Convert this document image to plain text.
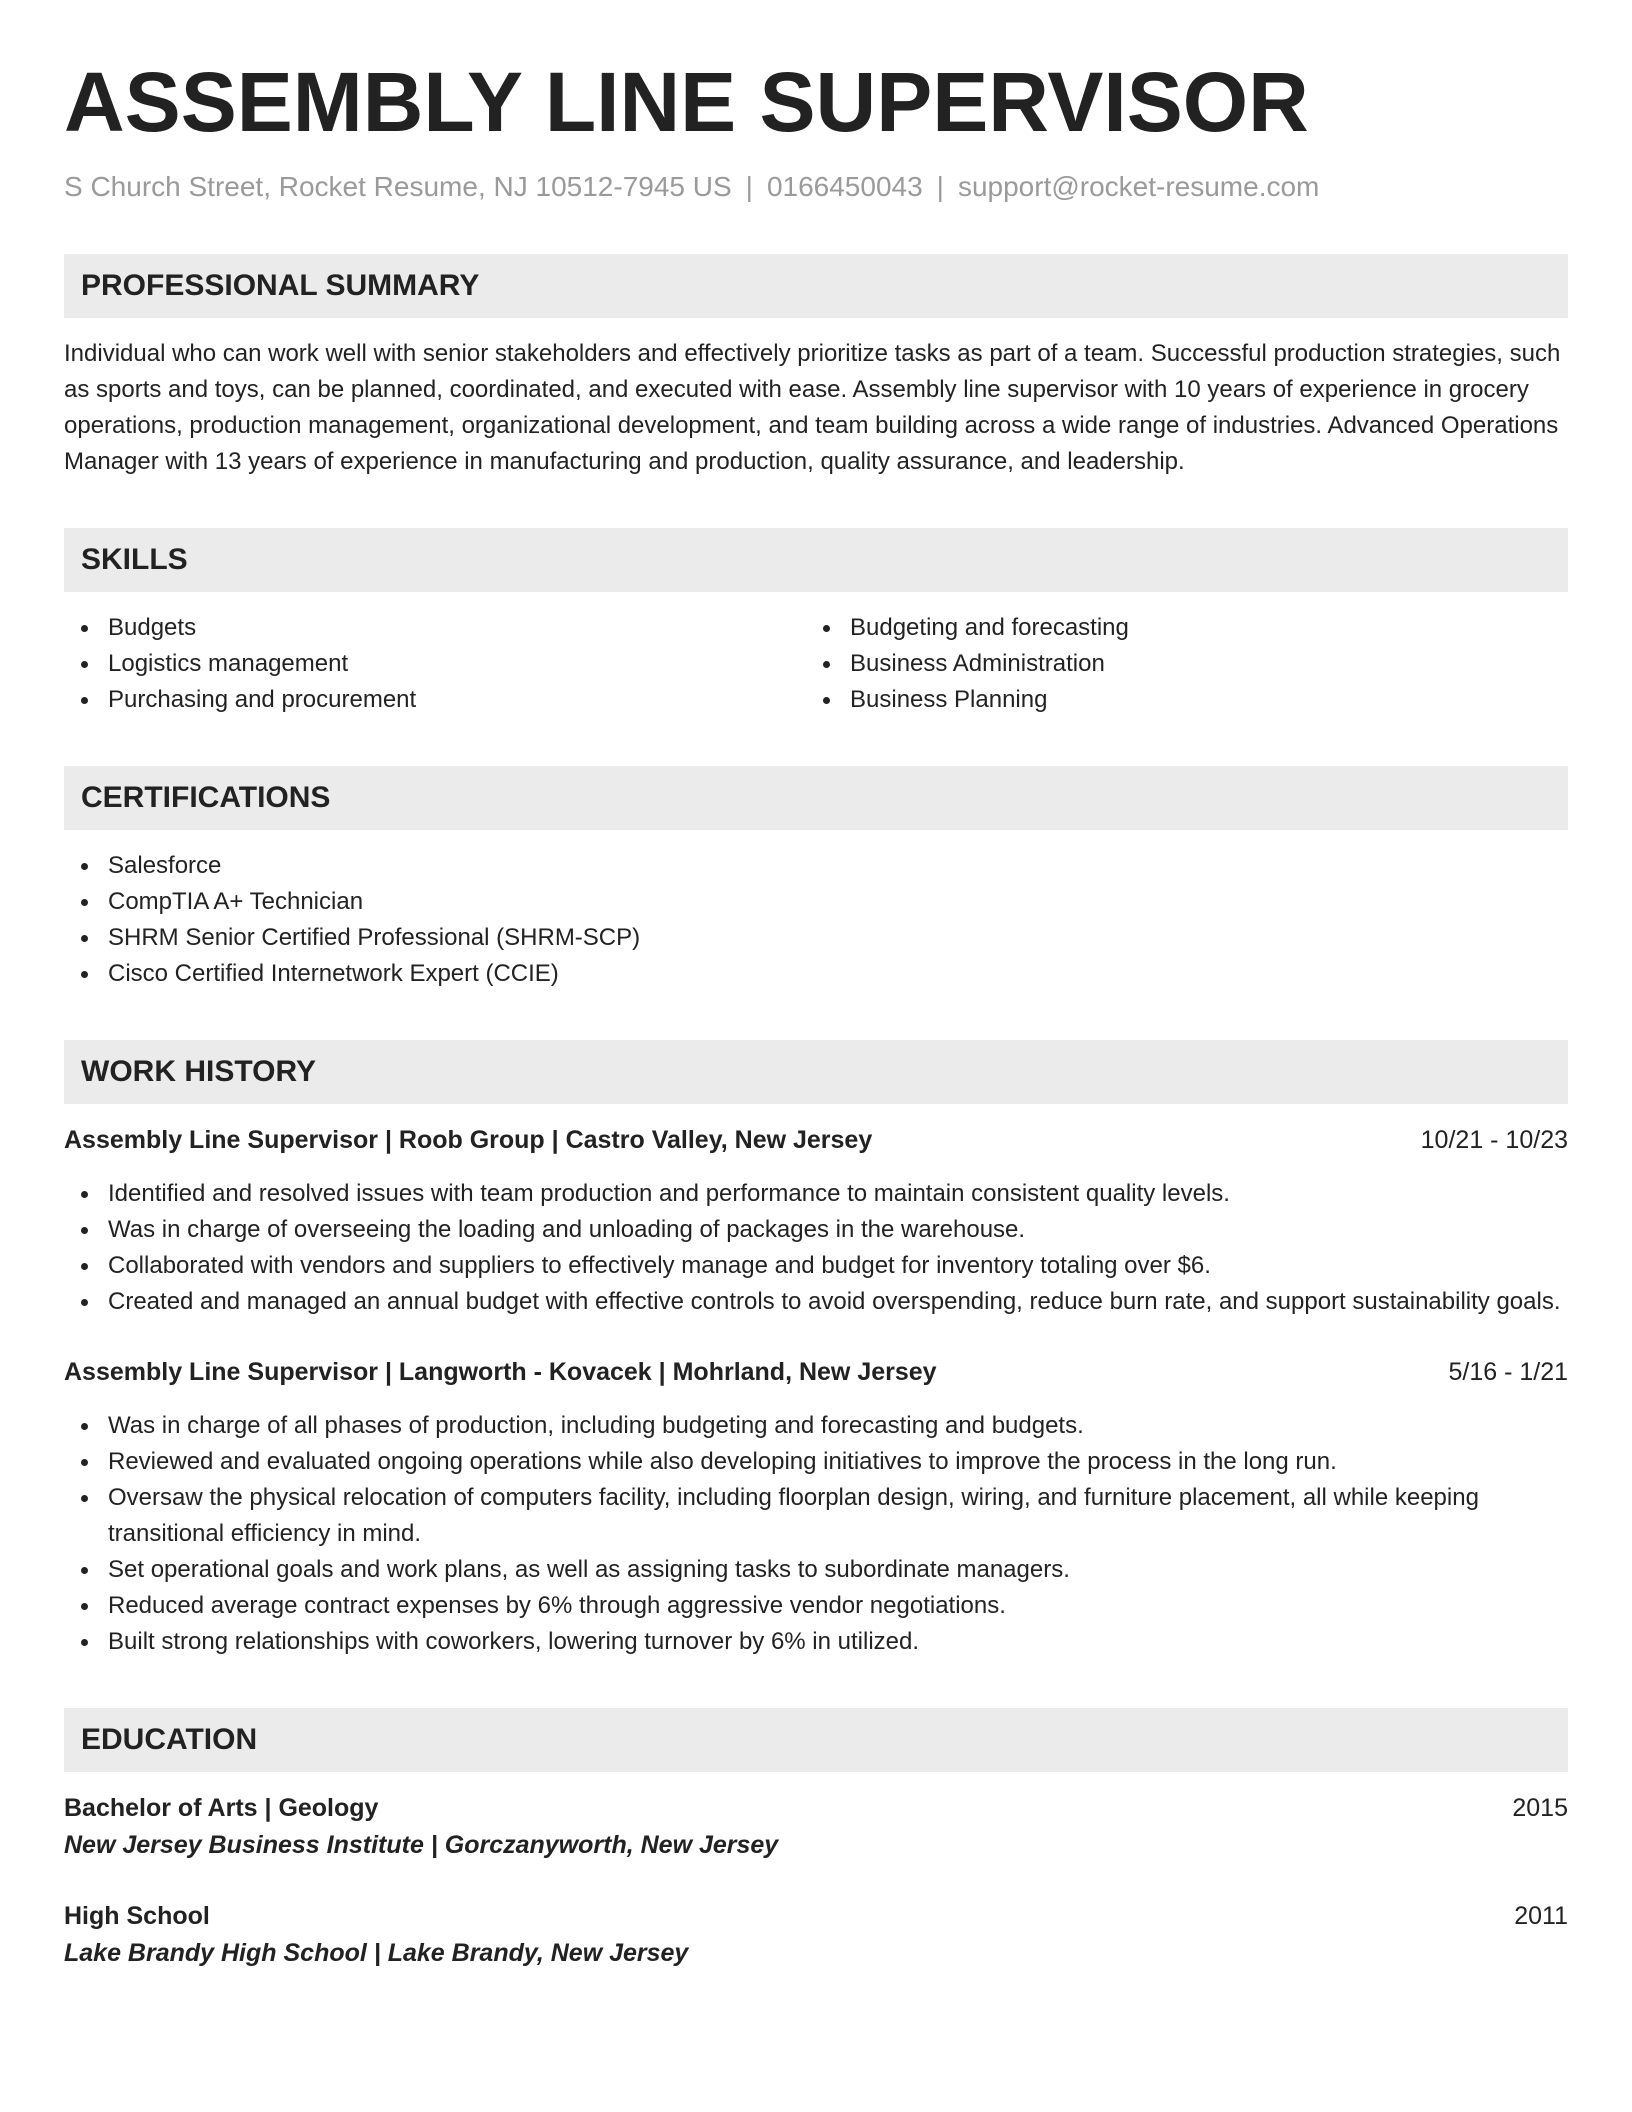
ASSEMBLY LINE SUPERVISOR
S Church Street, Rocket Resume, NJ 10512-7945 US | 0166450043 | support@rocket-resume.com
PROFESSIONAL SUMMARY
Individual who can work well with senior stakeholders and effectively prioritize tasks as part of a team. Successful production strategies, such as sports and toys, can be planned, coordinated, and executed with ease. Assembly line supervisor with 10 years of experience in grocery operations, production management, organizational development, and team building across a wide range of industries. Advanced Operations Manager with 13 years of experience in manufacturing and production, quality assurance, and leadership.
SKILLS
Budgets
Logistics management
Purchasing and procurement
Budgeting and forecasting
Business Administration
Business Planning
CERTIFICATIONS
Salesforce
CompTIA A+ Technician
SHRM Senior Certified Professional (SHRM-SCP)
Cisco Certified Internetwork Expert (CCIE)
WORK HISTORY
Assembly Line Supervisor | Roob Group | Castro Valley, New Jersey	10/21 - 10/23
Identified and resolved issues with team production and performance to maintain consistent quality levels.
Was in charge of overseeing the loading and unloading of packages in the warehouse.
Collaborated with vendors and suppliers to effectively manage and budget for inventory totaling over $6.
Created and managed an annual budget with effective controls to avoid overspending, reduce burn rate, and support sustainability goals.
Assembly Line Supervisor | Langworth - Kovacek | Mohrland, New Jersey	5/16 - 1/21
Was in charge of all phases of production, including budgeting and forecasting and budgets.
Reviewed and evaluated ongoing operations while also developing initiatives to improve the process in the long run.
Oversaw the physical relocation of computers facility, including floorplan design, wiring, and furniture placement, all while keeping transitional efficiency in mind.
Set operational goals and work plans, as well as assigning tasks to subordinate managers.
Reduced average contract expenses by 6% through aggressive vendor negotiations.
Built strong relationships with coworkers, lowering turnover by 6% in utilized.
EDUCATION
Bachelor of Arts | Geology	2015
New Jersey Business Institute | Gorczanyworth, New Jersey
High School	2011
Lake Brandy High School | Lake Brandy, New Jersey
